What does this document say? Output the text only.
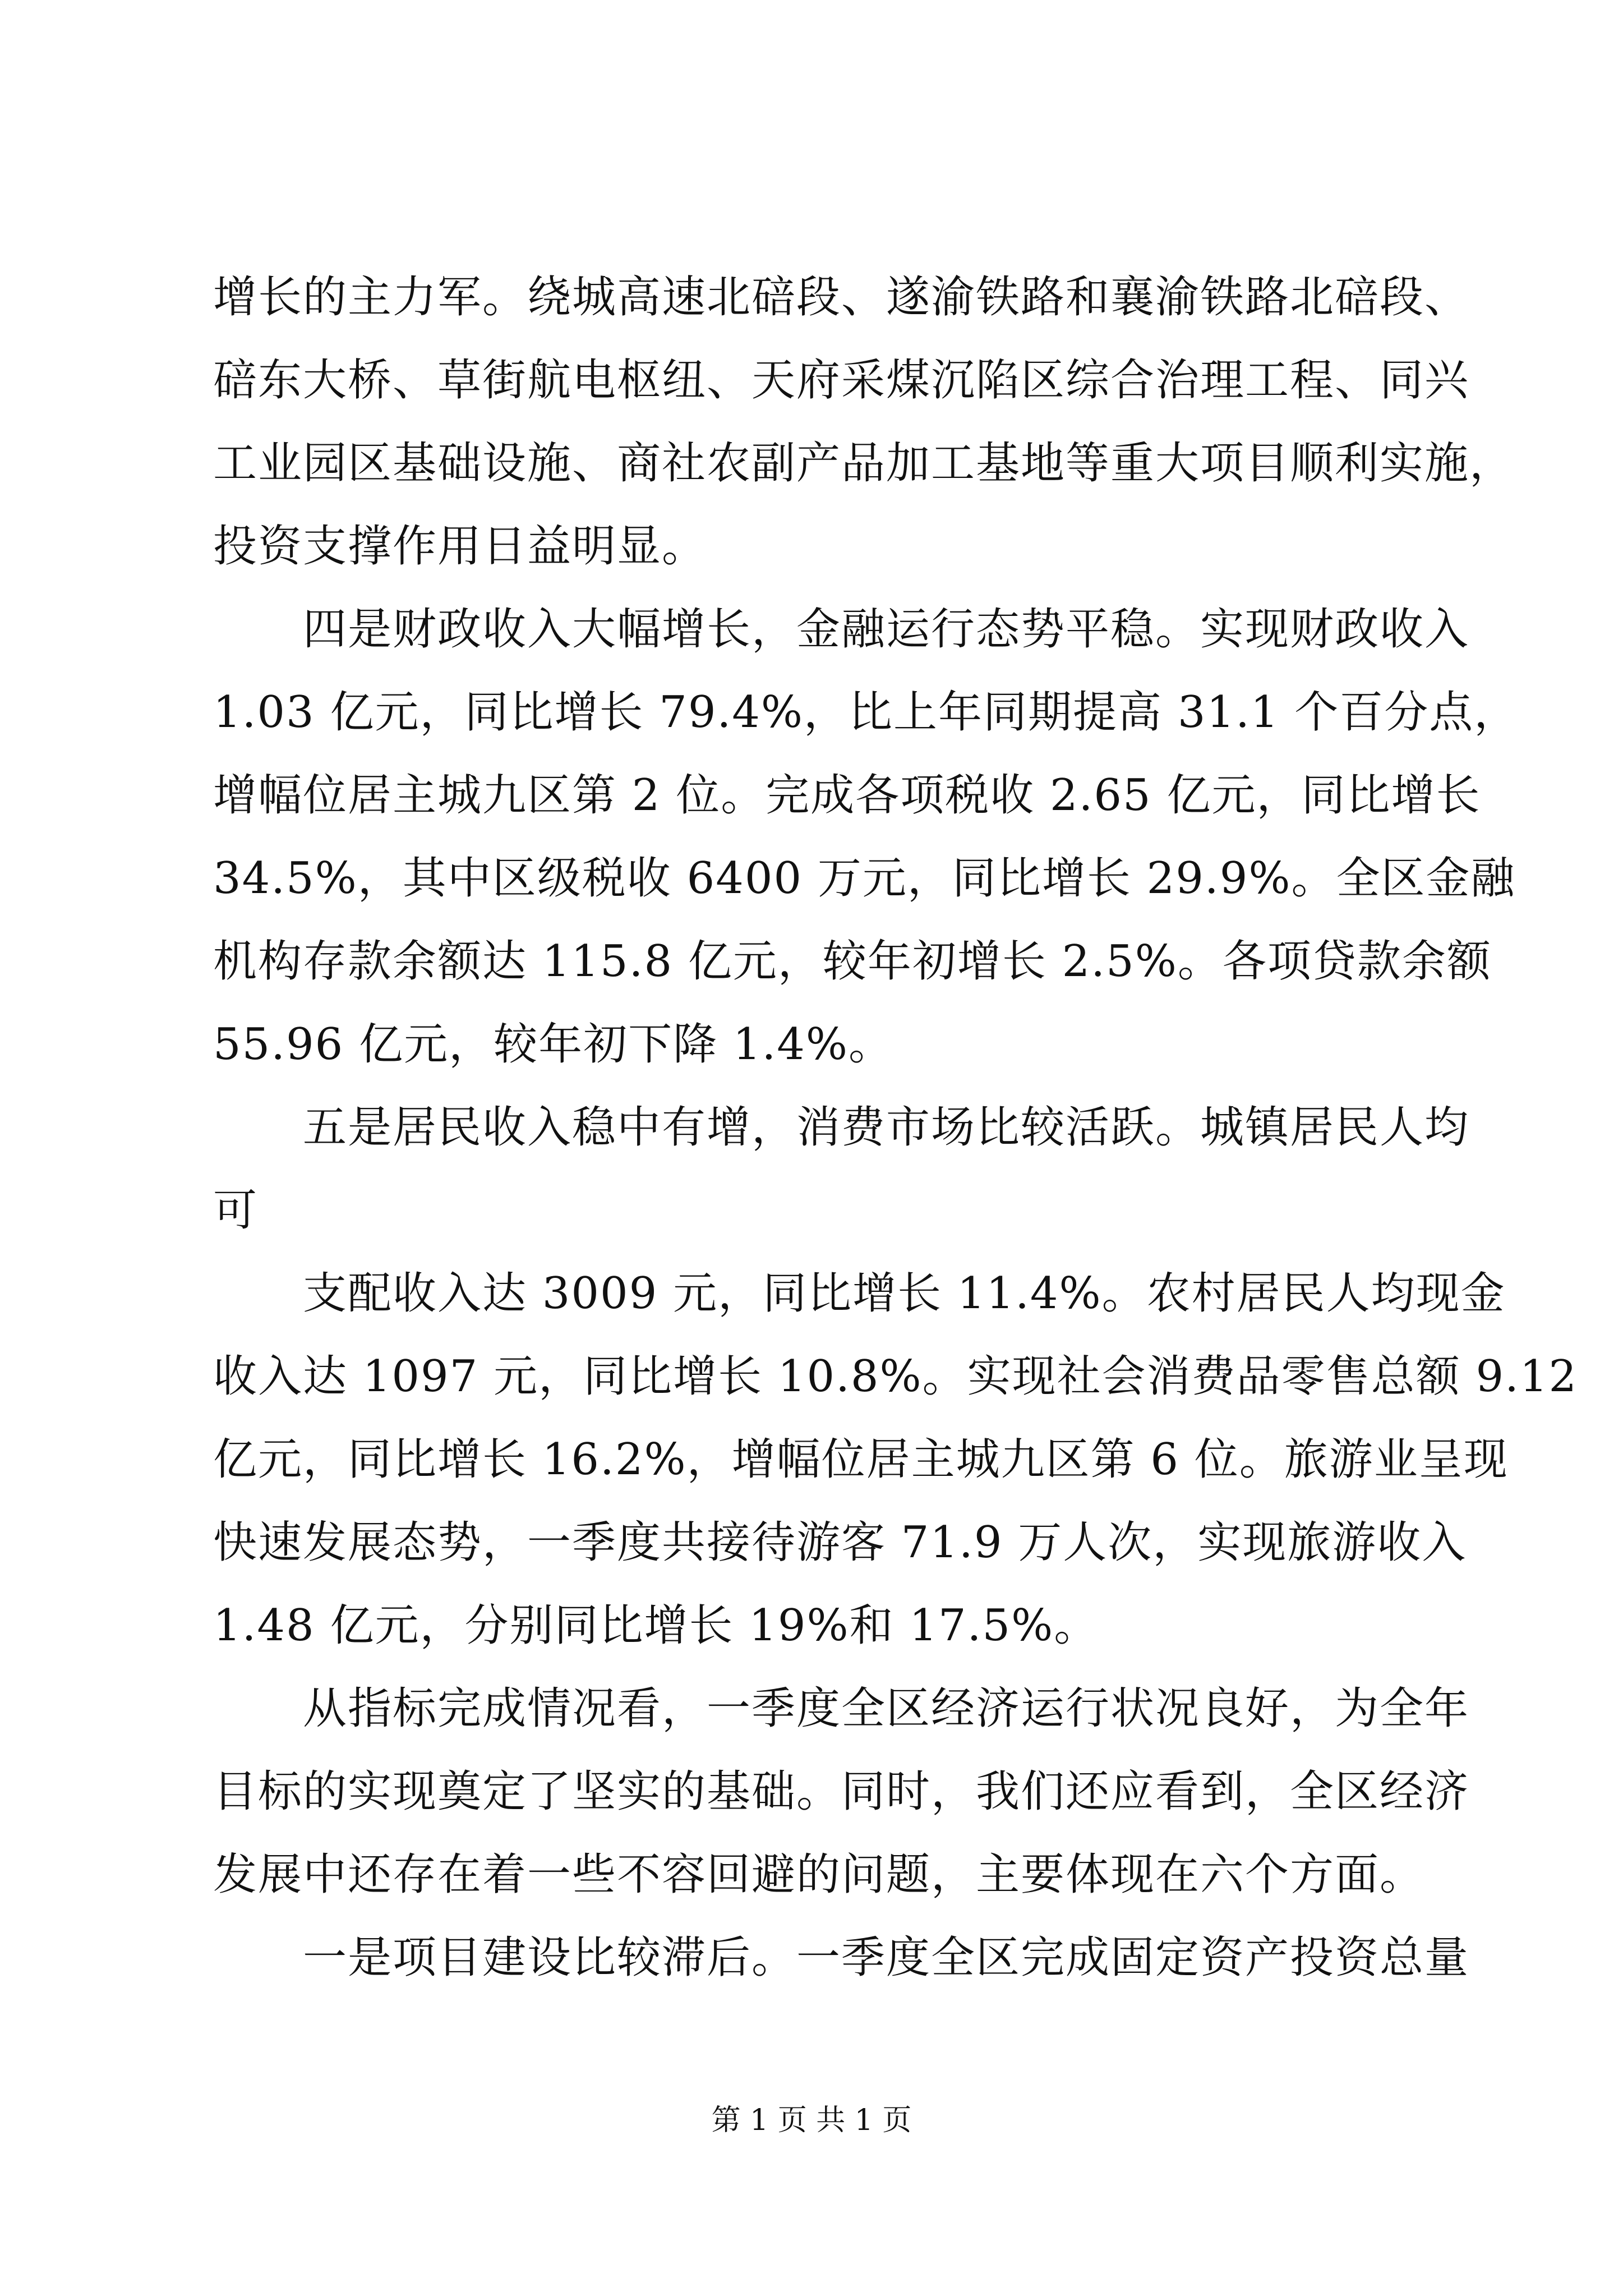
增长的主力军。绕城高速北碚段、遂渝铁路和襄渝铁路北碚段、
碚东大桥、草街航电枢纽、天府采煤沉陷区综合治理工程、同兴
工业园区基础设施、商社农副产品加工基地等重大项目顺利实施，
投资支撑作用日益明显。
四是财政收入大幅增长，金融运行态势平稳。实现财政收入
1.03 亿元，同比增长 79.4%，比上年同期提高 31.1 个百分点，
增幅位居主城九区第 2 位。完成各项税收 2.65 亿元，同比增长
34.5%，其中区级税收 6400 万元，同比增长 29.9%。全区金融
机构存款余额达 115.8 亿元，较年初增长 2.5%。各项贷款余额
55.96 亿元，较年初下降 1.4%。
五是居民收入稳中有增，消费市场比较活跃。城镇居民人均
可
支配收入达 3009 元，同比增长 11.4%。农村居民人均现金
收入达 1097 元，同比增长 10.8%。实现社会消费品零售总额 9.12
亿元，同比增长 16.2%，增幅位居主城九区第 6 位。旅游业呈现
快速发展态势，一季度共接待游客 71.9 万人次，实现旅游收入
1.48 亿元，分别同比增长 19%和 17.5%。
从指标完成情况看，一季度全区经济运行状况良好，为全年
目标的实现奠定了坚实的基础。同时，我们还应看到，全区经济
发展中还存在着一些不容回避的问题，主要体现在六个方面。
一是项目建设比较滞后。一季度全区完成固定资产投资总量
第 1 页 共 1 页
